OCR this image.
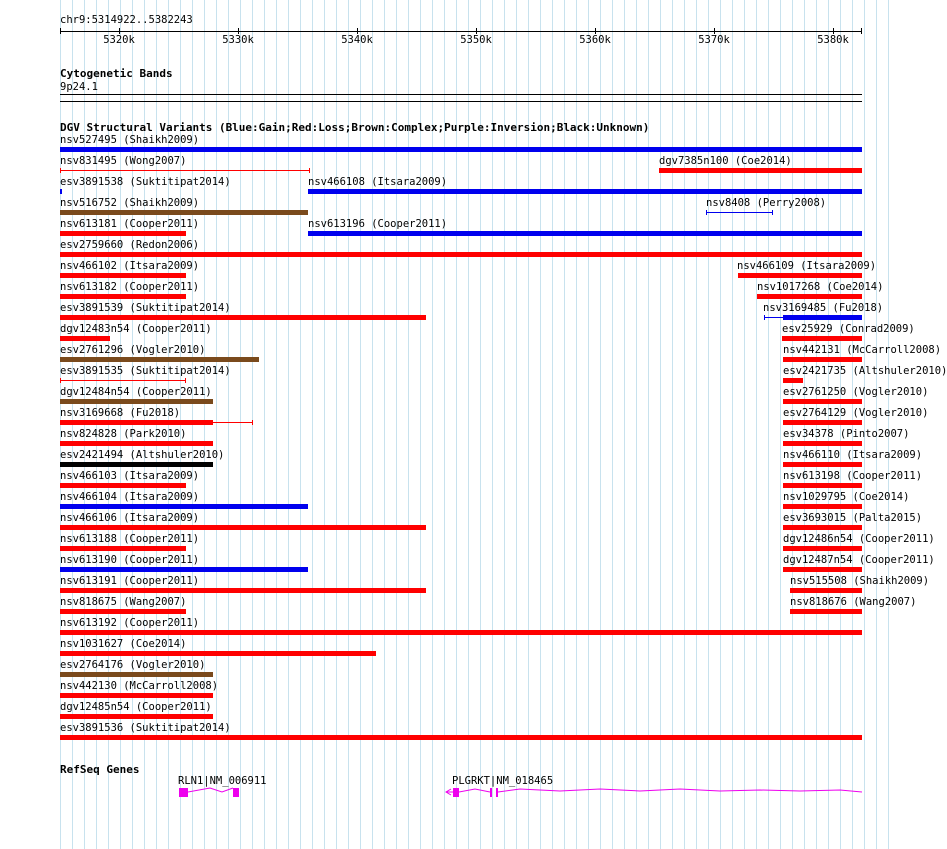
chr9:5314922..5382243
5320k	5330k	5340k	5350k	5360k	5370k	5380k
Cytogenetic Bands
9p24.1
DGV Structural Variants (Blue:Gain;Red:Loss;Brown:Complex;Purple:Inversion;Black:Unknown)
nsv527495 (Shaikh2009)
nsv831495 (Wong2007)	dgv7385n100 (Coe2014)
esv3891538 (Suktitipat2014)	nsv466108 (Itsara2009)
nsv516752 (Shaikh2009)	nsv8408 (Perry2008)
nsv613181 (Cooper2011)	nsv613196 (Cooper2011)
esv2759660 (Redon2006)
nsv466102 (Itsara2009)	nsv466109 (Itsara2009)
nsv613182 (Cooper2011)	nsv1017268 (Coe2014)
esv3891539 (Suktitipat2014)	nsv3169485 (Fu2018)
dgv12483n54 (Cooper2011)	esv25929 (Conrad2009)
esv2761296 (Vogler2010)	nsv442131 (McCarroll2008)
esv3891535 (Suktitipat2014)	esv2421735 (Altshuler2010)
dgv12484n54 (Cooper2011)	esv2761250 (Vogler2010)
nsv3169668 (Fu2018)	esv2764129 (Vogler2010)
nsv824828 (Park2010)	esv34378 (Pinto2007)
esv2421494 (Altshuler2010)	nsv466110 (Itsara2009)
nsv466103 (Itsara2009)	nsv613198 (Cooper2011)
nsv466104 (Itsara2009)	nsv1029795 (Coe2014)
nsv466106 (Itsara2009)	esv3693015 (Palta2015)
nsv613188 (Cooper2011)	dgv12486n54 (Cooper2011)
nsv613190 (Cooper2011)	dgv12487n54 (Cooper2011)
nsv613191 (Cooper2011)	nsv515508 (Shaikh2009)
nsv818675 (Wang2007)	nsv818676 (Wang2007)
nsv613192 (Cooper2011)
nsv1031627 (Coe2014)
esv2764176 (Vogler2010)
nsv442130 (McCarroll2008)
dgv12485n54 (Cooper2011)
esv3891536 (Suktitipat2014)
RefSeq Genes
RLN1|NM_006911	PLGRKT|NM_018465
